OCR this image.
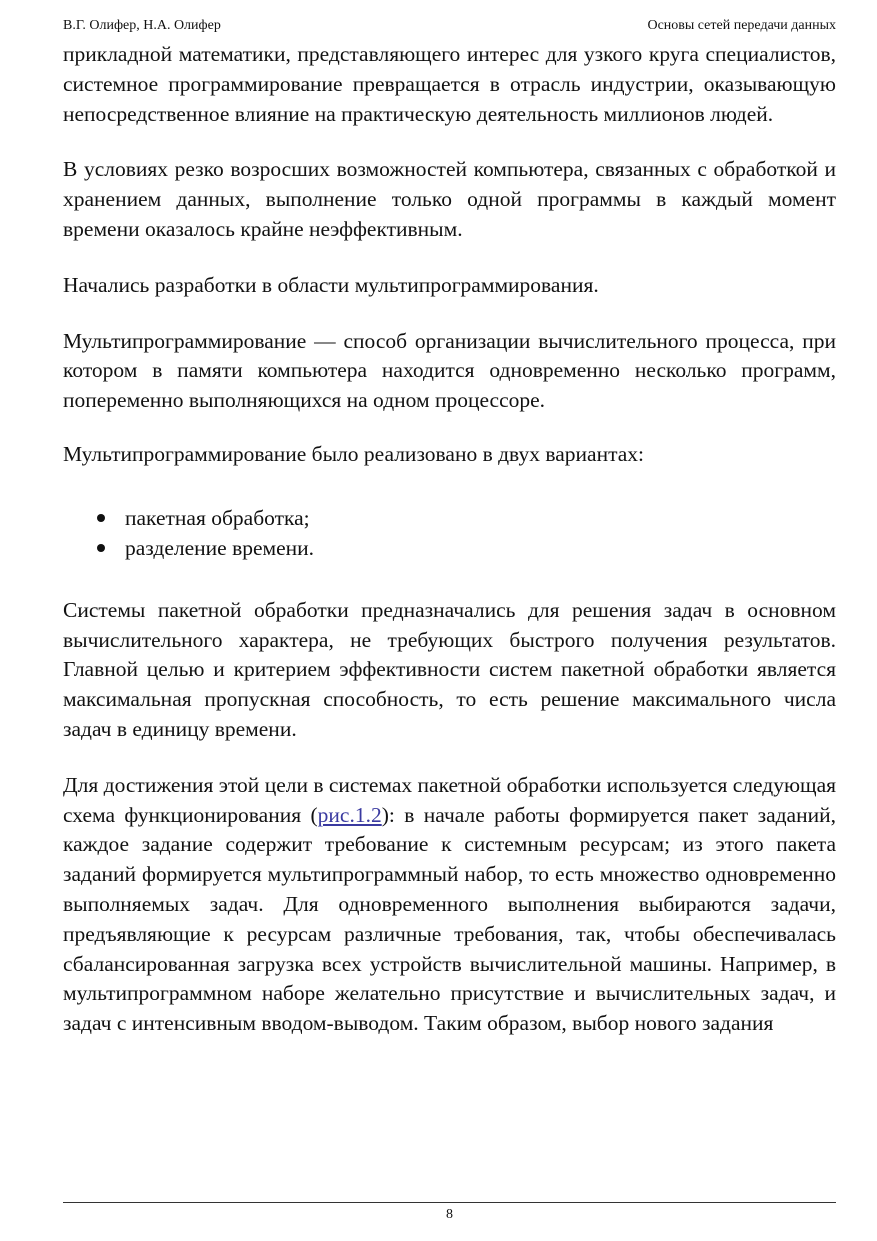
В.Г. Олифер, Н.А. Олифер	Основы сетей передачи данных

прикладной математики, представляющего интерес для узкого круга специалистов, системное программирование превращается в отрасль индустрии, оказывающую непосредственное влияние на практическую деятельность миллионов людей.

В условиях резко возросших возможностей компьютера, связанных с обработкой и хранением данных, выполнение только одной программы в каждый момент времени оказалось крайне неэффективным.

Начались разработки в области мультипрограммирования.

Мультипрограммирование — способ организации вычислительного процесса, при котором в памяти компьютера находится одновременно несколько программ, попеременно выполняющихся на одном процессоре.

Мультипрограммирование было реализовано в двух вариантах:

пакетная обработка;
разделение времени.

Системы пакетной обработки предназначались для решения задач в основном вычислительного характера, не требующих быстрого получения результатов. Главной целью и критерием эффективности систем пакетной обработки является максимальная пропускная способность, то есть решение максимального числа задач в единицу времени.

Для достижения этой цели в системах пакетной обработки используется следующая схема функционирования (рис.1.2): в начале работы формируется пакет заданий, каждое задание содержит требование к системным ресурсам; из этого пакета заданий формируется мультипрограммный набор, то есть множество одновременно выполняемых задач. Для одновременного выполнения выбираются задачи, предъявляющие к ресурсам различные требования, так, чтобы обеспечивалась сбалансированная загрузка всех устройств вычислительной машины. Например, в мультипрограммном наборе желательно присутствие и вычислительных задач, и задач с интенсивным вводом-выводом. Таким образом, выбор нового задания

8
